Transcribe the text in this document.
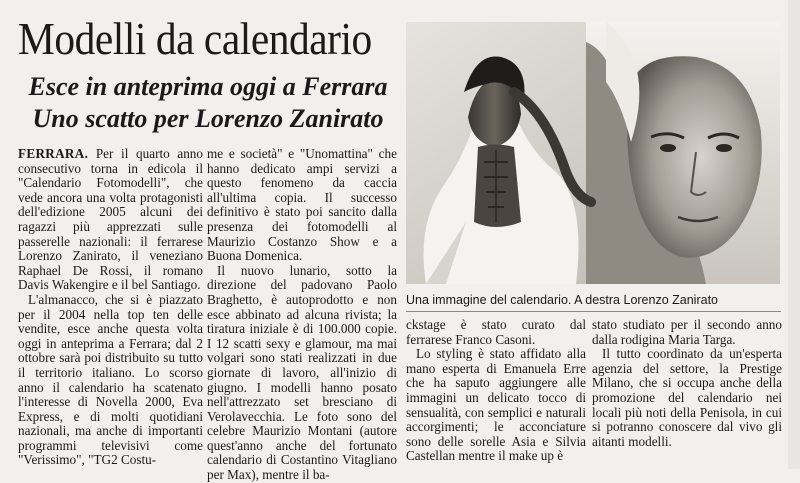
Modelli da calendario

Esce in anteprima oggi a Ferrara

Uno scatto per Lorenzo Zanirato

FERRARA. Per il quarto anno consecutivo torna in edicola il "Calendario Fotomodelli", che vede ancora una volta protagonisti dell'edizione 2005 alcuni dei ragazzi più apprezzati sulle passerelle nazionali: il ferrarese Lorenzo Zanirato, il veneziano Raphael De Rossi, il romano Davis Wakengire e il bel Santiago.

L'almanacco, che si è piazzato per il 2004 nella top ten delle vendite, esce anche questa volta oggi in anteprima a Ferrara; dal 2 ottobre sarà poi distribuito su tutto il territorio italiano. Lo scorso anno il calendario ha scatenato l'interesse di Novella 2000, Eva Express, e di molti quotidiani nazionali, ma anche di importanti programmi televisivi come "Verissimo", "TG2 Costu-

me e società" e "Unomattina" che hanno dedicato ampi servizi a questo fenomeno da caccia all'ultima copia. Il successo definitivo è stato poi sancito dalla presenza dei fotomodelli al Maurizio Costanzo Show e a Buona Domenica.

Il nuovo lunario, sotto la direzione del padovano Paolo Braghetto, è autoprodotto e non esce abbinato ad alcuna rivista; la tiratura iniziale è di 100.000 copie. I 12 scatti sexy e glamour, ma mai volgari sono stati realizzati in due giornate di lavoro, all'inizio di giugno. I modelli hanno posato nell'attrezzato set bresciano di Verolavecchia. Le foto sono del celebre Maurizio Montani (autore quest'anno anche del fortunato calendario di Costantino Vitagliano per Max), mentre il ba-

Una immagine del calendario. A destra Lorenzo Zanirato

ckstage è stato curato dal ferrarese Franco Casoni.

Lo styling è stato affidato alla mano esperta di Emanuela Erre che ha saputo aggiungere alle immagini un delicato tocco di sensualità, con semplici e naturali accorgimenti; le acconciature sono delle sorelle Asia e Silvia Castellan mentre il make up è

stato studiato per il secondo anno dalla rodigina Maria Targa.

Il tutto coordinato da un'esperta agenzia del settore, la Prestige Milano, che si occupa anche della promozione del calendario nei locali più noti della Penisola, in cui si potranno conoscere dal vivo gli aitanti modelli.
